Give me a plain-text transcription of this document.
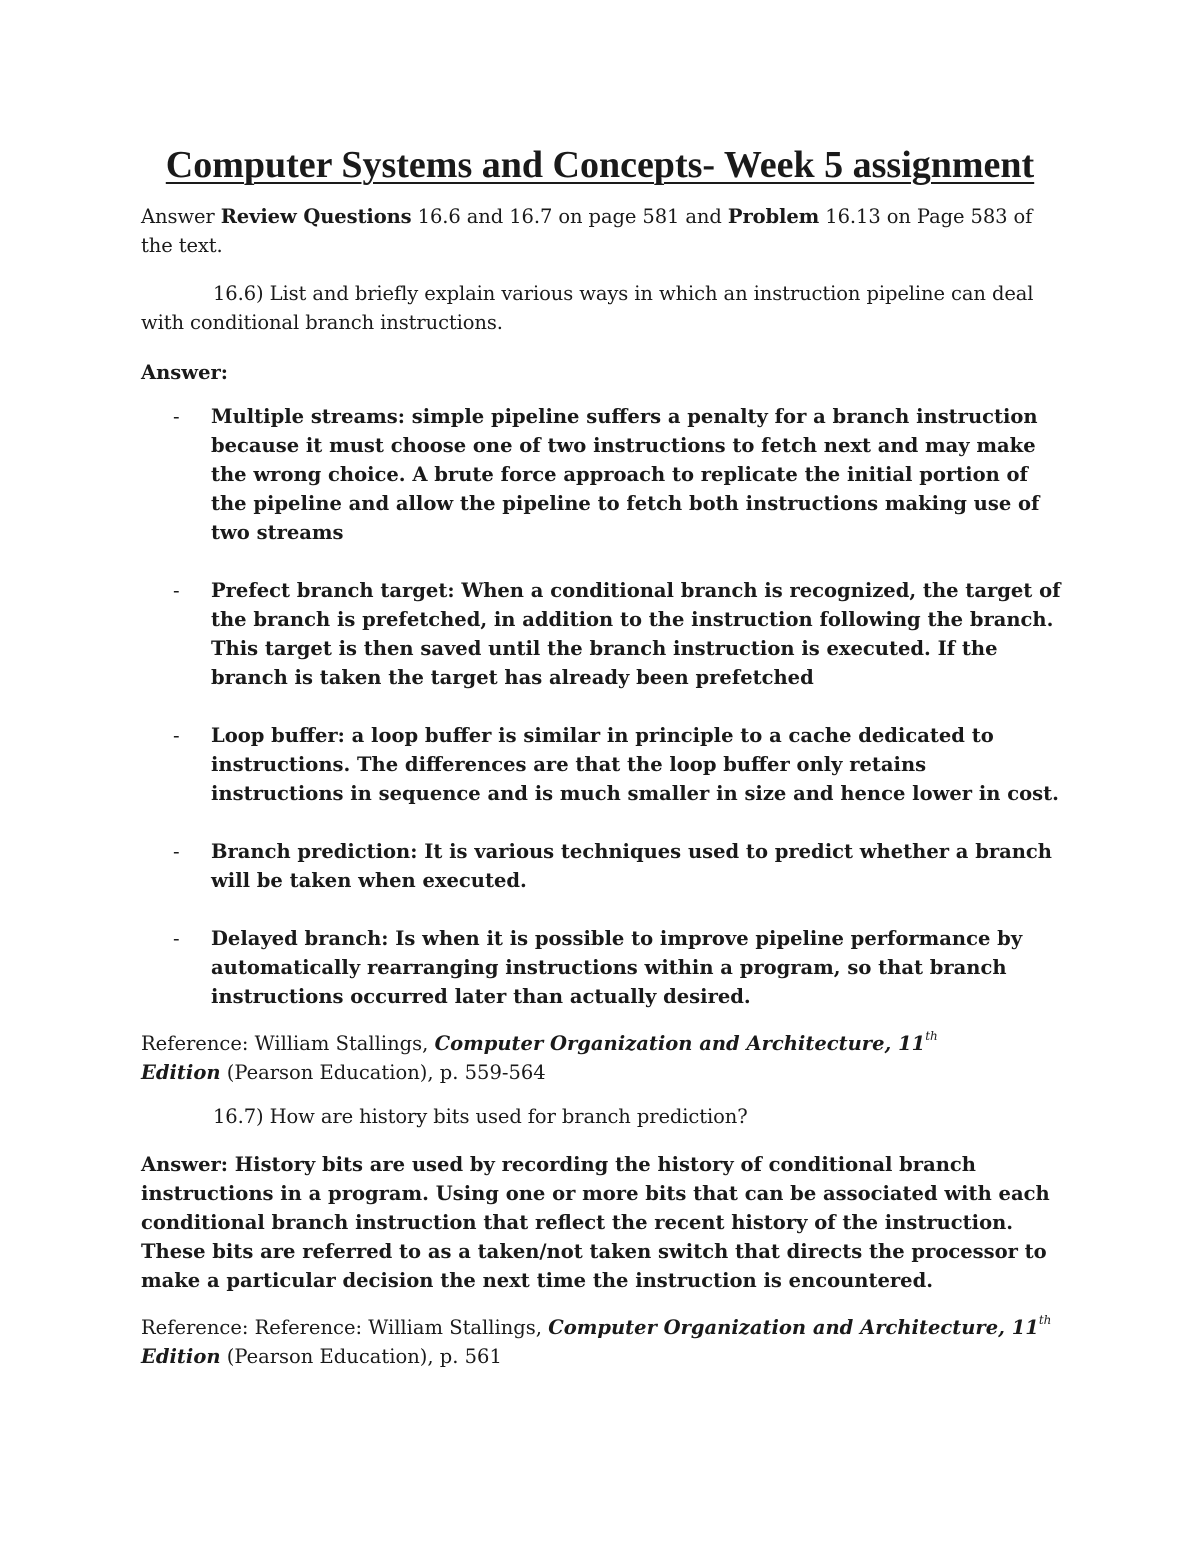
Computer Systems and Concepts- Week 5 assignment

Answer Review Questions 16.6 and 16.7 on page 581 and Problem 16.13 on Page 583 of the text.

16.6) List and briefly explain various ways in which an instruction pipeline can deal with conditional branch instructions.

Answer:

- Multiple streams: simple pipeline suffers a penalty for a branch instruction because it must choose one of two instructions to fetch next and may make the wrong choice. A brute force approach to replicate the initial portion of the pipeline and allow the pipeline to fetch both instructions making use of two streams
- Prefect branch target: When a conditional branch is recognized, the target of the branch is prefetched, in addition to the instruction following the branch. This target is then saved until the branch instruction is executed. If the branch is taken the target has already been prefetched
- Loop buffer: a loop buffer is similar in principle to a cache dedicated to instructions. The differences are that the loop buffer only retains instructions in sequence and is much smaller in size and hence lower in cost.
- Branch prediction: It is various techniques used to predict whether a branch will be taken when executed.
- Delayed branch: Is when it is possible to improve pipeline performance by automatically rearranging instructions within a program, so that branch instructions occurred later than actually desired.

Reference: William Stallings, Computer Organization and Architecture, 11th
Edition (Pearson Education), p. 559-564

16.7) How are history bits used for branch prediction?

Answer: History bits are used by recording the history of conditional branch instructions in a program. Using one or more bits that can be associated with each conditional branch instruction that reflect the recent history of the instruction. These bits are referred to as a taken/not taken switch that directs the processor to make a particular decision the next time the instruction is encountered.

Reference: Reference: William Stallings, Computer Organization and Architecture, 11th
Edition (Pearson Education), p. 561
